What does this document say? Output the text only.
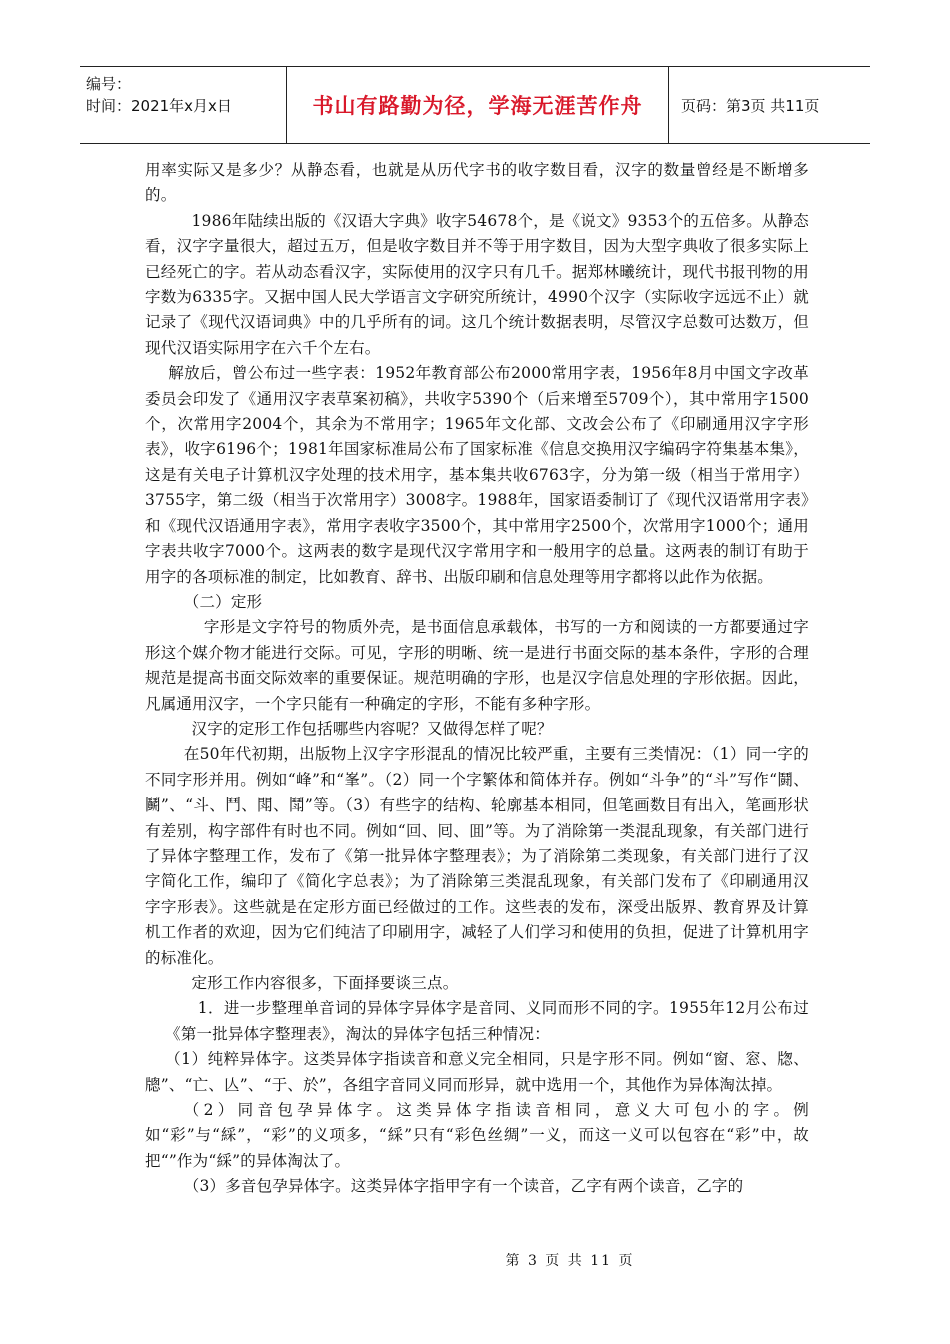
编号：
时间：2021年x月x日	书山有路勤为径，学海无涯苦作舟	页码：第3页 共11页

用率实际又是多少？从静态看，也就是从历代字书的收字数目看，汉字的数量曾经是不断增多的。

1986年陆续出版的《汉语大字典》收字54678个，是《说文》9353个的五倍多。从静态看，汉字字量很大，超过五万，但是收字数目并不等于用字数目，因为大型字典收了很多实际上已经死亡的字。若从动态看汉字，实际使用的汉字只有几千。据郑林曦统计，现代书报刊物的用字数为6335字。又据中国人民大学语言文字研究所统计，4990个汉字（实际收字远远不止）就记录了《现代汉语词典》中的几乎所有的词。这几个统计数据表明，尽管汉字总数可达数万，但现代汉语实际用字在六千个左右。

解放后，曾公布过一些字表：1952年教育部公布2000常用字表，1956年8月中国文字改革委员会印发了《通用汉字表草案初稿》，共收字5390个（后来增至5709个），其中常用字1500个，次常用字2004个，其余为不常用字；1965年文化部、文改会公布了《印刷通用汉字字形表》，收字6196个；1981年国家标准局公布了国家标准《信息交换用汉字编码字符集基本集》，这是有关电子计算机汉字处理的技术用字，基本集共收6763字，分为第一级（相当于常用字）3755字，第二级（相当于次常用字）3008字。1988年，国家语委制订了《现代汉语常用字表》和《现代汉语通用字表》，常用字表收字3500个，其中常用字2500个，次常用字1000个；通用字表共收字7000个。这两表的数字是现代汉字常用字和一般用字的总量。这两表的制订有助于用字的各项标准的制定，比如教育、辞书、出版印刷和信息处理等用字都将以此作为依据。

（二）定形

字形是文字符号的物质外壳，是书面信息承载体，书写的一方和阅读的一方都要通过字形这个媒介物才能进行交际。可见，字形的明晰、统一是进行书面交际的基本条件，字形的合理规范是提高书面交际效率的重要保证。规范明确的字形，也是汉字信息处理的字形依据。因此，凡属通用汉字，一个字只能有一种确定的字形，不能有多种字形。

汉字的定形工作包括哪些内容呢？又做得怎样了呢？

在50年代初期，出版物上汉字字形混乱的情况比较严重，主要有三类情况：（1）同一字的不同字形并用。例如“峰”和“峯”。（2）同一个字繁体和简体并存。例如“斗争”的“斗”写作“鬪、鬭”、“斗、鬥、閗、鬦”等。（3）有些字的结构、轮廓基本相同，但笔画数目有出入，笔画形状有差别，构字部件有时也不同。例如“回、囘、囬”等。为了消除第一类混乱现象，有关部门进行了异体字整理工作，发布了《第一批异体字整理表》；为了消除第二类现象，有关部门进行了汉字简化工作，编印了《简化字总表》；为了消除第三类混乱现象，有关部门发布了《印刷通用汉字字形表》。这些就是在定形方面已经做过的工作。这些表的发布，深受出版界、教育界及计算机工作者的欢迎，因为它们纯洁了印刷用字，减轻了人们学习和使用的负担，促进了计算机用字的标准化。

定形工作内容很多，下面择要谈三点。

1．进一步整理单音词的异体字异体字是音同、义同而形不同的字。1955年12月公布过《第一批异体字整理表》，淘汰的异体字包括三种情况：

（1）纯粹异体字。这类异体字指读音和意义完全相同，只是字形不同。例如“窗、窓、牎、牕”、“亡、亾”、“于、於”，各组字音同义同而形异，就中选用一个，其他作为异体淘汰掉。

（2）同音包孕异体字。这类异体字指读音相同，意义大可包小的字。例如“彩”与“綵”，“彩”的义项多，“綵”只有“彩色丝绸”一义，而这一义可以包容在“彩”中，故把“”作为“綵”的异体淘汰了。

（3）多音包孕异体字。这类异体字指甲字有一个读音，乙字有两个读音，乙字的

第 3 页 共 11 页
